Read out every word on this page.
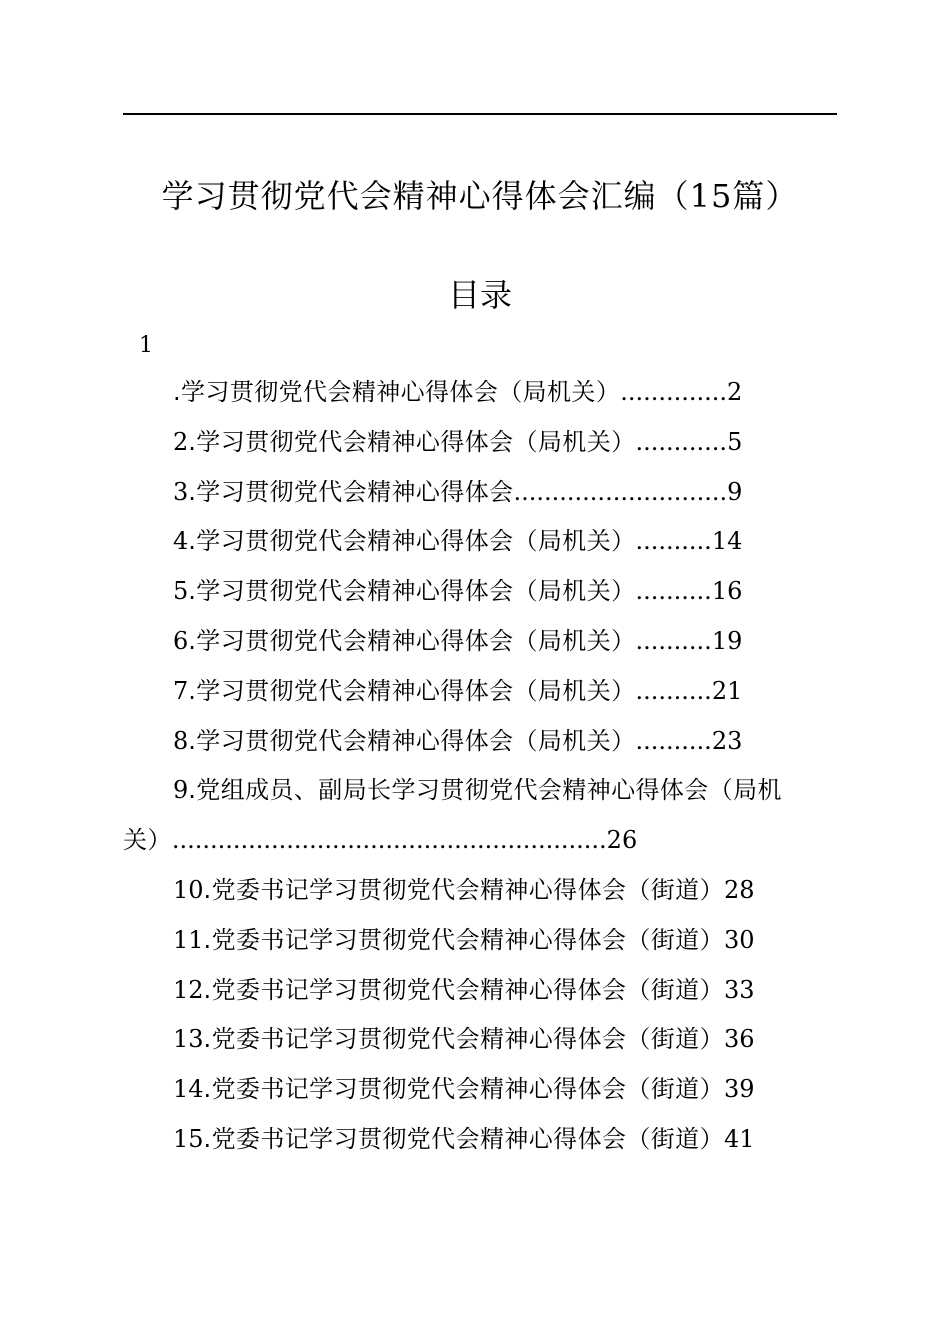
学习贯彻党代会精神心得体会汇编（15篇）
目录
1
.学习贯彻党代会精神心得体会（局机关）..............2
2.学习贯彻党代会精神心得体会（局机关）............5
3.学习贯彻党代会精神心得体会............................9
4.学习贯彻党代会精神心得体会（局机关）..........14
5.学习贯彻党代会精神心得体会（局机关）..........16
6.学习贯彻党代会精神心得体会（局机关）..........19
7.学习贯彻党代会精神心得体会（局机关）..........21
8.学习贯彻党代会精神心得体会（局机关）..........23
9.党组成员、副局长学习贯彻党代会精神心得体会（局机
关）.........................................................26
10.党委书记学习贯彻党代会精神心得体会（街道）28
11.党委书记学习贯彻党代会精神心得体会（街道）30
12.党委书记学习贯彻党代会精神心得体会（街道）33
13.党委书记学习贯彻党代会精神心得体会（街道）36
14.党委书记学习贯彻党代会精神心得体会（街道）39
15.党委书记学习贯彻党代会精神心得体会（街道）41
